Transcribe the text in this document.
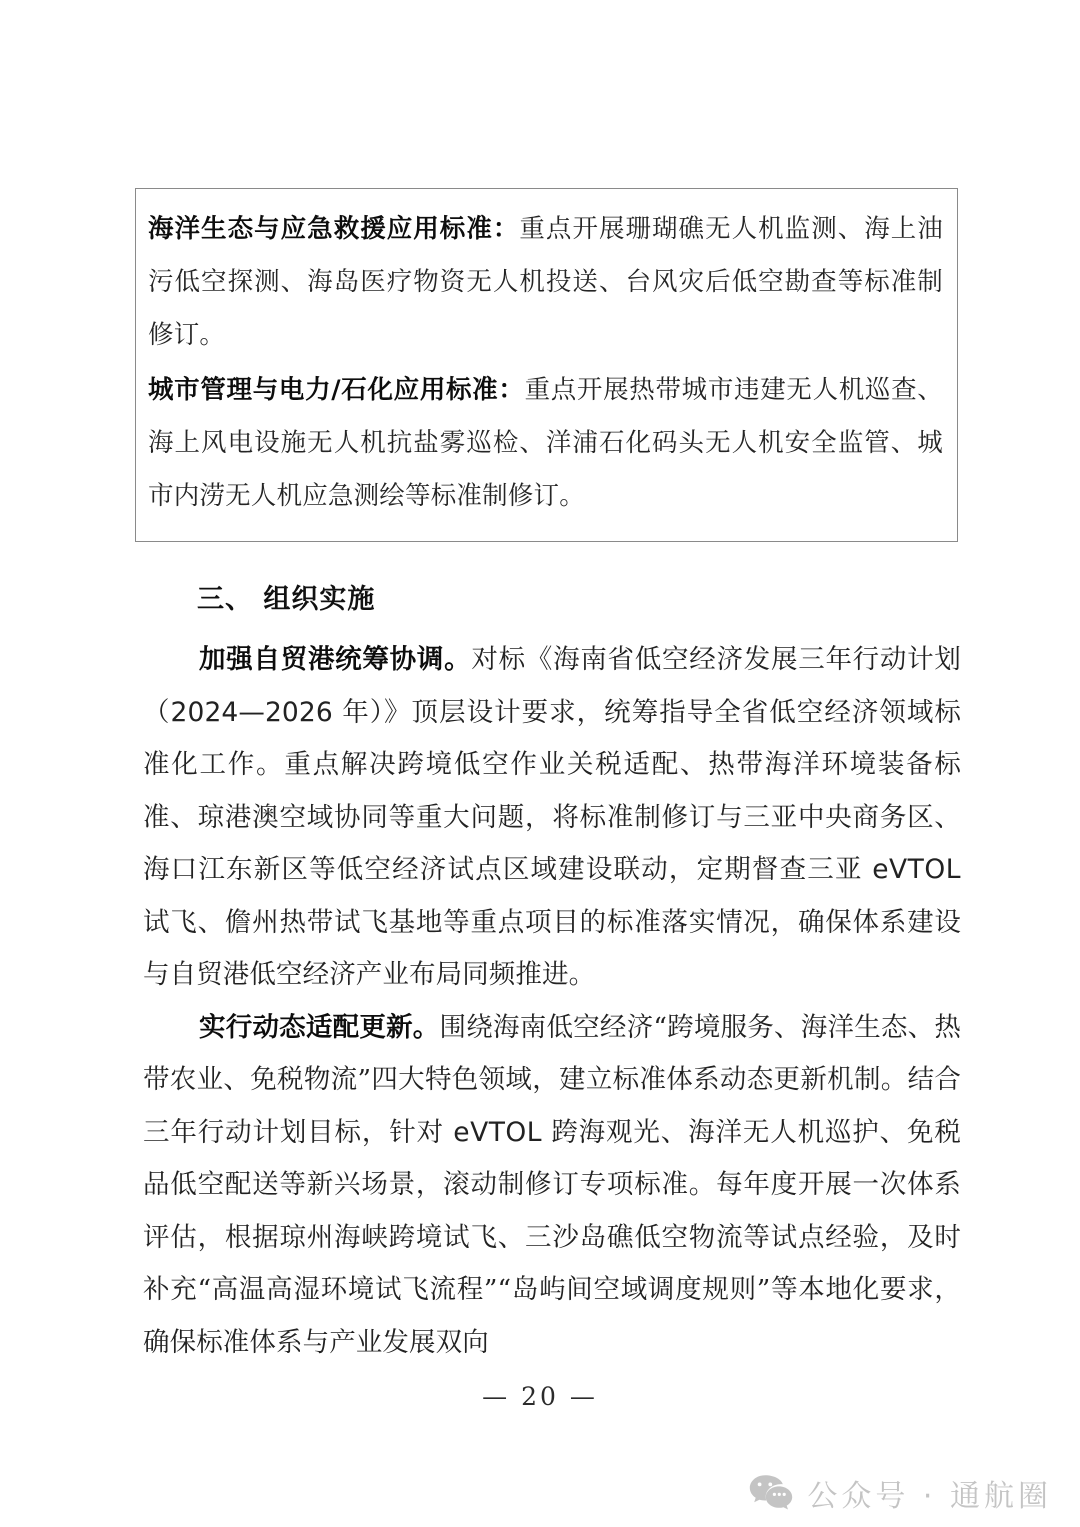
海洋生态与应急救援应用标准：重点开展珊瑚礁无人机监测、海上油污低空探测、海岛医疗物资无人机投送、台风灾后低空勘查等标准制修订。

城市管理与电力/石化应用标准：重点开展热带城市违建无人机巡查、海上风电设施无人机抗盐雾巡检、洋浦石化码头无人机安全监管、城市内涝无人机应急测绘等标准制修订。

三、 组织实施

加强自贸港统筹协调。对标《海南省低空经济发展三年行动计划（2024—2026 年）》顶层设计要求，统筹指导全省低空经济领域标准化工作。重点解决跨境低空作业关税适配、热带海洋环境装备标准、琼港澳空域协同等重大问题，将标准制修订与三亚中央商务区、海口江东新区等低空经济试点区域建设联动，定期督查三亚 eVTOL 试飞、儋州热带试飞基地等重点项目的标准落实情况，确保体系建设与自贸港低空经济产业布局同频推进。

实行动态适配更新。围绕海南低空经济“跨境服务、海洋生态、热带农业、免税物流”四大特色领域，建立标准体系动态更新机制。结合三年行动计划目标，针对 eVTOL 跨海观光、海洋无人机巡护、免税品低空配送等新兴场景，滚动制修订专项标准。每年度开展一次体系评估，根据琼州海峡跨境试飞、三沙岛礁低空物流等试点经验，及时补充“高温高湿环境试飞流程”“岛屿间空域调度规则”等本地化要求，确保标准体系与产业发展双向

— 20 —
公众号 · 通航圈
